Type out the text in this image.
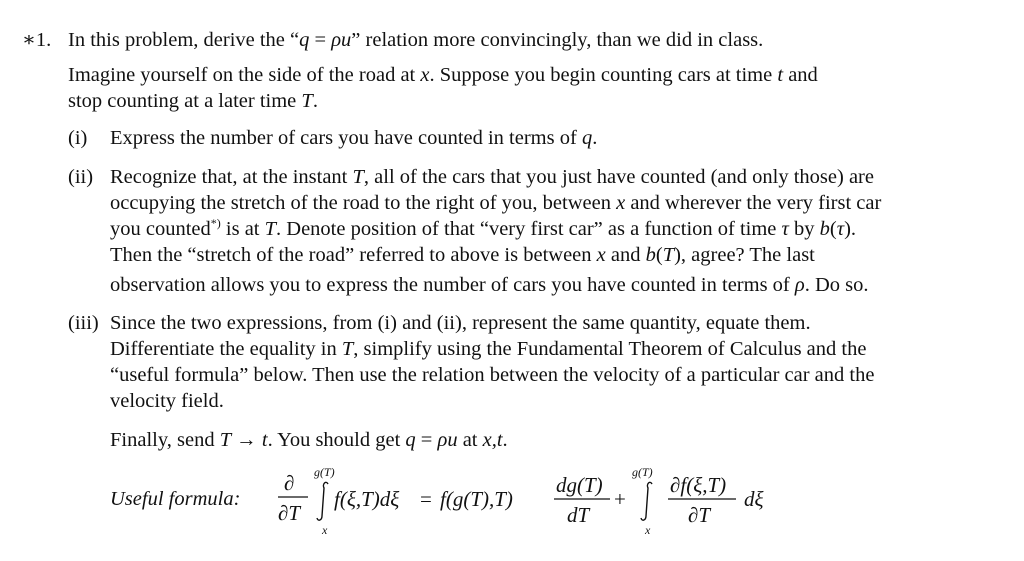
∗1. In this problem, derive the “q = ρu” relation more convincingly, than we did in class.
Imagine yourself on the side of the road at x. Suppose you begin counting cars at time t and
stop counting at a later time T.
(i) Express the number of cars you have counted in terms of q.
(ii) Recognize that, at the instant T, all of the cars that you just have counted (and only those) are
occupying the stretch of the road to the right of you, between x and wherever the very first car
you counted*) is at T. Denote position of that “very first car” as a function of time τ by b(τ).
Then the “stretch of the road” referred to above is between x and b(T), agree? The last
observation allows you to express the number of cars you have counted in terms of ρ. Do so.
(iii) Since the two expressions, from (i) and (ii), represent the same quantity, equate them.
Differentiate the equality in T, simplify using the Fundamental Theorem of Calculus and the
“useful formula” below. Then use the relation between the velocity of a particular car and the
velocity field.
Finally, send T → t. You should get q = ρu at x,t.
Useful formula:
∂
∂T
g(T)
x
f(ξ,T)dξ = f(g(T),T)
dg(T)
dT
+
g(T)
x
∂f(ξ,T)
∂T
dξ
